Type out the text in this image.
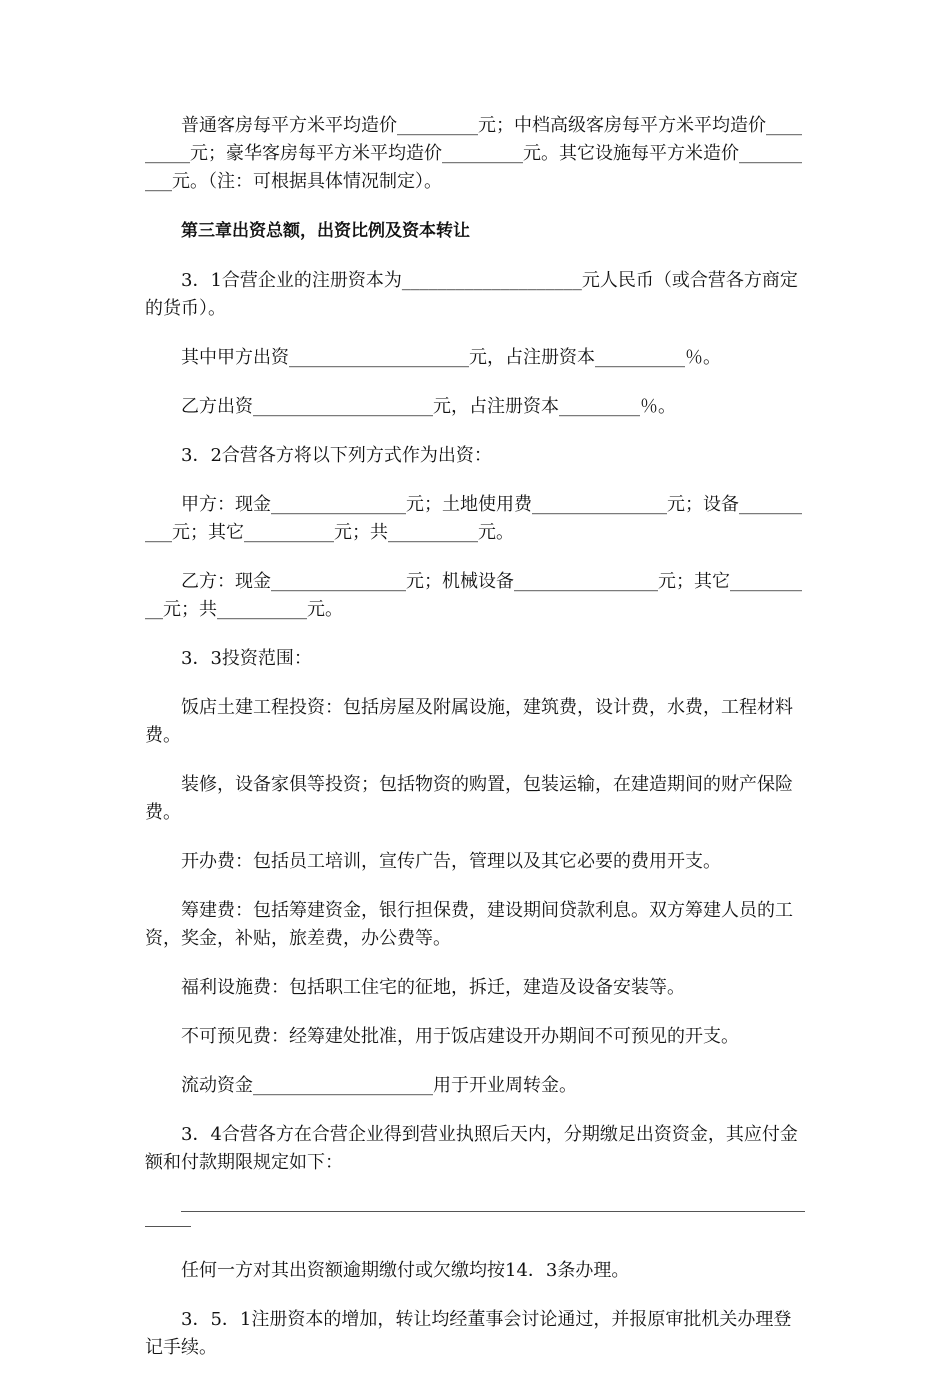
普通客房每平方米平均造价_________元；中档高级客房每平方米平均造价_________元；豪华客房每平方米平均造价_________元。其它设施每平方米造价__________元。（注：可根据具体情况制定）。

第三章出资总额，出资比例及资本转让

3．1合营企业的注册资本为____________________元人民币（或合营各方商定的货币）。

其中甲方出资____________________元，占注册资本__________％。

乙方出资____________________元，占注册资本_________％。

3．2合营各方将以下列方式作为出资：

甲方：现金_______________元；土地使用费_______________元；设备__________元；其它__________元；共__________元。

乙方：现金_______________元；机械设备________________元；其它__________元；共__________元。

3．3投资范围：

饭店土建工程投资：包括房屋及附属设施，建筑费，设计费，水费，工程材料费。

装修，设备家俱等投资；包括物资的购置，包装运输，在建造期间的财产保险费。

开办费：包括员工培训，宣传广告，管理以及其它必要的费用开支。

筹建费：包括筹建资金，银行担保费，建设期间贷款利息。双方筹建人员的工资，奖金，补贴，旅差费，办公费等。

福利设施费：包括职工住宅的征地，拆迁，建造及设备安装等。

不可预见费：经筹建处批准，用于饭店建设开办期间不可预见的开支。

流动资金____________________用于开业周转金。

3．4合营各方在合营企业得到营业执照后天内，分期缴足出资资金，其应付金额和付款期限规定如下：

任何一方对其出资额逾期缴付或欠缴均按14．3条办理。

3．5．1注册资本的增加，转让均经董事会讨论通过，并报原审批机关办理登记手续。
